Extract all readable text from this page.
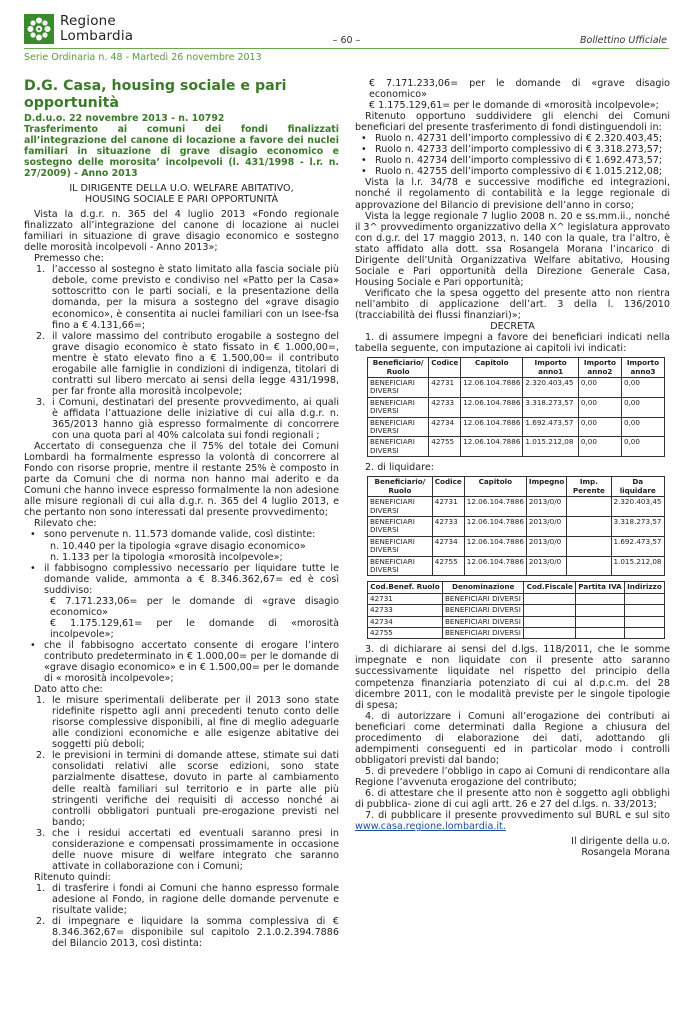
Regione
Lombardia	– 60 –	Bollettino Ufficiale
Serie Ordinaria n. 48 - Martedì 26 novembre 2013
D.G. Casa, housing sociale e pari opportunità
D.d.u.o. 22 novembre 2013 - n. 10792
Trasferimento ai comuni dei fondi finalizzati all’integrazione del canone di locazione a favore dei nuclei familiari in situazione di grave disagio economico e sostegno delle morosita’ incolpevoli (l. 431/1998 - l.r. n. 27/2009) - Anno 2013
IL DIRIGENTE DELLA U.O. WELFARE ABITATIVO,
HOUSING SOCIALE E PARI OPPORTUNITÀ

Vista la d.g.r. n. 365 del 4 luglio 2013 «Fondo regionale finalizzato all’integrazione del canone di locazione ai nuclei familiari in situazione di grave disagio economico e sostegno delle morosità incolpevoli - Anno 2013»;

Premesso che:

1. l’accesso al sostegno è stato limitato alla fascia sociale più debole, come previsto e condiviso nel «Patto per la Casa» sottoscritto con le parti sociali, e la presentazione della domanda, per la misura a sostegno del «grave disagio economico», è consentita ai nuclei familiari con un Isee-fsa fino a € 4.131,66=;
2. il valore massimo del contributo erogabile a sostegno del grave disagio economico è stato fissato in € 1.000,00=, mentre è stato elevato fino a € 1.500,00= il contributo erogabile alle famiglie in condizioni di indigenza, titolari di contratti sul libero mercato ai sensi della legge 431/1998, per far fronte alla morosità incolpevole;
3. i Comuni, destinatari del presente provvedimento, ai quali è affidata l’attuazione delle iniziative di cui alla d.g.r. n. 365/2013 hanno già espresso formalmente di concorrere con una quota pari al 40% calcolata sui fondi regionali ;

Accertato di conseguenza che il 75% del totale dei Comuni Lombardi ha formalmente espresso la volontà di concorrere al Fondo con risorse proprie, mentre il restante 25% è composto in parte da Comuni che di norma non hanno mai aderito e da Comuni che hanno invece espresso formalmente la non adesione alle misure regionali di cui alla d.g.r. n. 365 del 4 luglio 2013, e che pertanto non sono interessati dal presente provvedimento;

Rilevato che:

• sono pervenute n. 11.573 domande valide, così distinte:
n. 10.440 per la tipologia «grave disagio economico»
n. 1.133 per la tipologia «morosità incolpevole»;
• il fabbisogno complessivo necessario per liquidare tutte le domande valide, ammonta a € 8.346.362,67= ed è così suddiviso:
€ 7.171.233,06= per le domande di «grave disagio economico»
€ 1.175.129,61= per le domande di «morosità incolpevole»;
• che il fabbisogno accertato consente di erogare l’intero contributo predeterminato in € 1.000,00= per le domande di «grave disagio economico» e in € 1.500,00= per le domande di « morosità incolpevole»;

Dato atto che:

1. le misure sperimentali deliberate per il 2013 sono state ridefinite rispetto agli anni precedenti tenuto conto delle risorse complessive disponibili, al fine di meglio adeguarle alle condizioni economiche e alle esigenze abitative dei soggetti più deboli;
2. le previsioni in termini di domande attese, stimate sui dati consolidati relativi alle scorse edizioni, sono state parzialmente disattese, dovuto in parte al cambiamento delle realtà familiari sul territorio e in parte alle più stringenti verifiche dei requisiti di accesso nonché ai controlli obbligatori puntuali pre-erogazione previsti nel bando;
3. che i residui accertati ed eventuali saranno presi in considerazione e compensati prossimamente in occasione delle nuove misure di welfare integrato che saranno attivate in collaborazione con i Comuni;

Ritenuto quindi:

1. di trasferire i fondi ai Comuni che hanno espresso formale adesione al Fondo, in ragione delle domande pervenute e risultate valide;
2. di impegnare e liquidare la somma complessiva di € 8.346.362,67= disponibile sul capitolo 2.1.0.2.394.7886 del Bilancio 2013, così distinta:
€ 7.171.233,06= per le domande di «grave disagio economico»
€ 1.175.129,61= per le domande di «morosità incolpevole»;

Ritenuto opportuno suddividere gli elenchi dei Comuni beneficiari del presente trasferimento di fondi distinguendoli in:

• Ruolo n. 42731 dell’importo complessivo di € 2.320.403,45;
• Ruolo n. 42733 dell’importo complessivo di € 3.318.273,57;
• Ruolo n. 42734 dell’importo complessivo di € 1.692.473,57;
• Ruolo n. 42755 dell’importo complessivo di € 1.015.212,08;

Vista la l.r. 34/78 e successive modifiche ed integrazioni, nonché il regolamento di contabilità e la legge regionale di approvazione del Bilancio di previsione dell’anno in corso;

Vista la legge regionale 7 luglio 2008 n. 20 e ss.mm.ii., nonché il 3^ provvedimento organizzativo della X^ legislatura approvato con d.g.r. del 17 maggio 2013, n. 140 con la quale, tra l’altro, è stato affidato alla dott. ssa Rosangela Morana l’incarico di Dirigente dell’Unità Organizzativa Welfare abitativo, Housing Sociale e Pari opportunità della Direzione Generale Casa, Housing Sociale e Pari opportunità;

Verificato che la spesa oggetto del presente atto non rientra nell’ambito di applicazione dell’art. 3 della l. 136/2010 (tracciabilità dei flussi finanziari)»;

DECRETA

1. di assumere impegni a favore dei beneficiari indicati nella tabella seguente, con imputazione ai capitoli ivi indicati:

Beneficiario/ Ruolo	Codice	Capitolo	Importo anno1	Importo anno2	Importo anno3
BENEFICIARI DIVERSI	42731	12.06.104.7886	2.320.403,45	0,00	0,00
BENEFICIARI DIVERSI	42733	12.06.104.7886	3.318.273,57	0,00	0,00
BENEFICIARI DIVERSI	42734	12.06.104.7886	1.692.473,57	0,00	0,00
BENEFICIARI DIVERSI	42755	12.06.104.7886	1.015.212,08	0,00	0,00

2. di liquidare:

Beneficiario/ Ruolo	Codice	Capitolo	Impegno	Imp. Perente	Da liquidare
BENEFICIARI DIVERSI	42731	12.06.104.7886	2013/0/0		2.320.403,45
BENEFICIARI DIVERSI	42733	12.06.104.7886	2013/0/0		3.318.273,57
BENEFICIARI DIVERSI	42734	12.06.104.7886	2013/0/0		1.692.473,57
BENEFICIARI DIVERSI	42755	12.06.104.7886	2013/0/0		1.015.212,08
Cod.Benef. Ruolo	Denominazione	Cod.Fiscale	Partita IVA	Indirizzo
42731	BENEFICIARI DIVERSI			
42733	BENEFICIARI DIVERSI			
42734	BENEFICIARI DIVERSI			
42755	BENEFICIARI DIVERSI			

3. di dichiarare ai sensi del d.lgs. 118/2011, che le somme impegnate e non liquidate con il presente atto saranno successivamente liquidate nel rispetto del principio della competenza finanziaria potenziato di cui al d.p.c.m. del 28 dicembre 2011, con le modalità previste per le singole tipologie di spesa;

4. di autorizzare i Comuni all’erogazione dei contributi ai beneficiari come determinati dalla Regione a chiusura del procedimento di elaborazione dei dati, adottando gli adempimenti conseguenti ed in particolar modo i controlli obbligatori previsti dal bando;

5. di prevedere l’obbligo in capo ai Comuni di rendicontare alla Regione l’avvenuta erogazione del contributo;

6. di attestare che il presente atto non è soggetto agli obblighi di pubblica- zione di cui agli artt. 26 e 27 del d.lgs. n. 33/2013;

7. di pubblicare il presente provvedimento sul BURL e sul sito www.casa.regione.lombardia.it.

Il dirigente della u.o.
Rosangela Morana
